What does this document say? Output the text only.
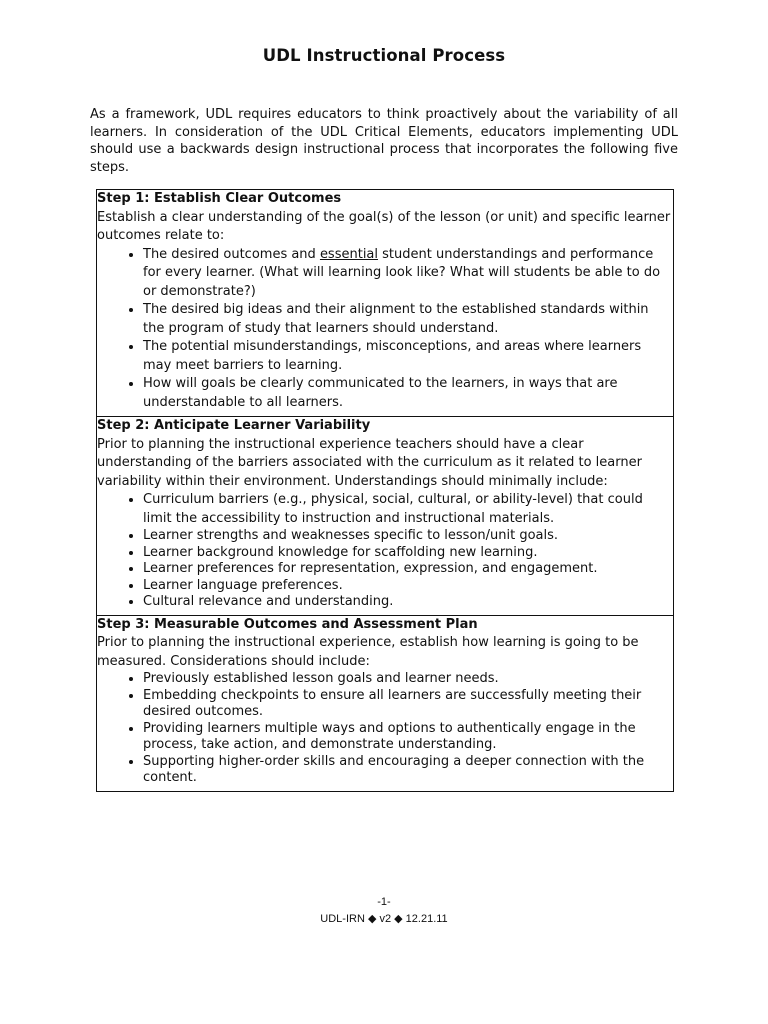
UDL Instructional Process

As a framework, UDL requires educators to think proactively about the variability of all learners. In consideration of the UDL Critical Elements, educators implementing UDL should use a backwards design instructional process that incorporates the following five steps.

Step 1: Establish Clear Outcomes
Establish a clear understanding of the goal(s) of the lesson (or unit) and specific learner outcomes relate to:
• The desired outcomes and essential student understandings and performance for every learner. (What will learning look like? What will students be able to do or demonstrate?)
• The desired big ideas and their alignment to the established standards within the program of study that learners should understand.
• The potential misunderstandings, misconceptions, and areas where learners may meet barriers to learning.
• How will goals be clearly communicated to the learners, in ways that are understandable to all learners.

Step 2: Anticipate Learner Variability
Prior to planning the instructional experience teachers should have a clear understanding of the barriers associated with the curriculum as it related to learner variability within their environment. Understandings should minimally include:
• Curriculum barriers (e.g., physical, social, cultural, or ability-level) that could limit the accessibility to instruction and instructional materials.
• Learner strengths and weaknesses specific to lesson/unit goals.
• Learner background knowledge for scaffolding new learning.
• Learner preferences for representation, expression, and engagement.
• Learner language preferences.
• Cultural relevance and understanding.

Step 3: Measurable Outcomes and Assessment Plan
Prior to planning the instructional experience, establish how learning is going to be measured. Considerations should include:
• Previously established lesson goals and learner needs.
• Embedding checkpoints to ensure all learners are successfully meeting their desired outcomes.
• Providing learners multiple ways and options to authentically engage in the process, take action, and demonstrate understanding.
• Supporting higher-order skills and encouraging a deeper connection with the content.
-1-
UDL-IRN ◆ v2 ◆ 12.21.11
